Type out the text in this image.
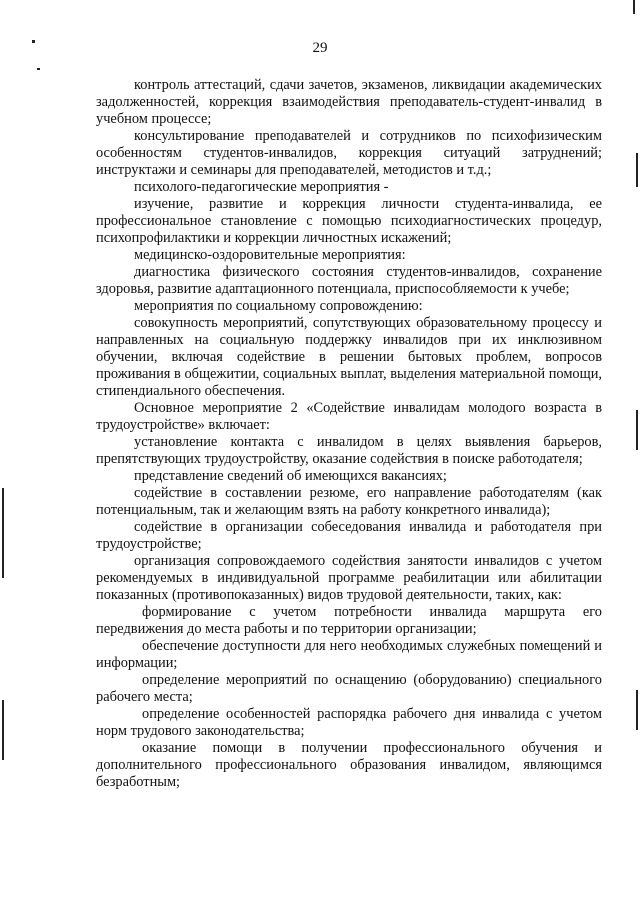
29

контроль аттестаций, сдачи зачетов, экзаменов, ликвидации академических задолженностей, коррекция взаимодействия преподаватель-студент-инвалид в учебном процессе;

консультирование преподавателей и сотрудников по психофизическим особенностям студентов-инвалидов, коррекция ситуаций затруднений; инструктажи и семинары для преподавателей, методистов и т.д.;

психолого-педагогические мероприятия -

изучение, развитие и коррекция личности студента-инвалида, ее профессиональное становление с помощью психодиагностических процедур, психопрофилактики и коррекции личностных искажений;

медицинско-оздоровительные мероприятия:

диагностика физического состояния студентов-инвалидов, сохранение здоровья, развитие адаптационного потенциала, приспособляемости к учебе;

мероприятия по социальному сопровождению:

совокупность мероприятий, сопутствующих образовательному процессу и направленных на социальную поддержку инвалидов при их инклюзивном обучении, включая содействие в решении бытовых проблем, вопросов проживания в общежитии, социальных выплат, выделения материальной помощи, стипендиального обеспечения.

Основное мероприятие 2 «Содействие инвалидам молодого возраста в трудоустройстве» включает:

установление контакта с инвалидом в целях выявления барьеров, препятствующих трудоустройству, оказание содействия в поиске работодателя;

представление сведений об имеющихся вакансиях;

содействие в составлении резюме, его направление работодателям (как потенциальным, так и желающим взять на работу конкретного инвалида);

содействие в организации собеседования инвалида и работодателя при трудоустройстве;

организация сопровождаемого содействия занятости инвалидов с учетом рекомендуемых в индивидуальной программе реабилитации или абилитации показанных (противопоказанных) видов трудовой деятельности, таких, как:

формирование с учетом потребности инвалида маршрута его передвижения до места работы и по территории организации;

обеспечение доступности для него необходимых служебных помещений и информации;

определение мероприятий по оснащению (оборудованию) специального рабочего места;

определение особенностей распорядка рабочего дня инвалида с учетом норм трудового законодательства;

оказание помощи в получении профессионального обучения и дополнительного профессионального образования инвалидом, являющимся безработным;
